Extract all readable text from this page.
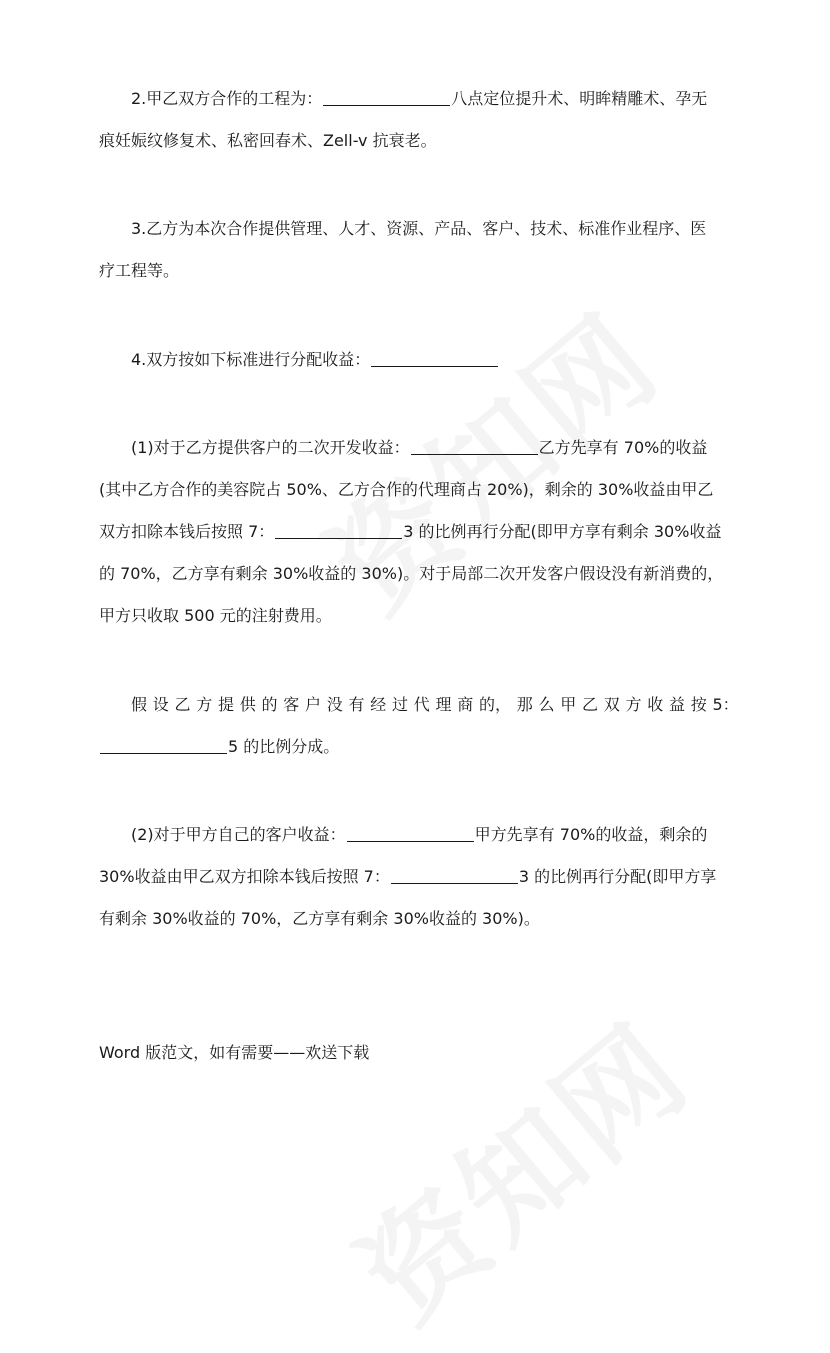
2.甲乙双方合作的工程为：	八点定位提升术、明眸精雕术、孕无
痕妊娠纹修复术、私密回春术、Zell-v 抗衰老。
3.乙方为本次合作提供管理、人才、资源、产品、客户、技术、标准作业程序、医
疗工程等。
4.双方按如下标准进行分配收益：
(1)对于乙方提供客户的二次开发收益：	乙方先享有 70%的收益
(其中乙方合作的美容院占 50%、乙方合作的代理商占 20%)，剩余的 30%收益由甲乙
双方扣除本钱后按照 7：	3 的比例再行分配(即甲方享有剩余 30%收益
的 70%，乙方享有剩余 30%收益的 30%)。对于局部二次开发客户假设没有新消费的，
甲方只收取 500 元的注射费用。
假 设 乙 方 提 供 的 客 户 没 有 经 过 代 理 商 的， 那 么 甲 乙 双 方 收 益 按 5：
5 的比例分成。
(2)对于甲方自己的客户收益：	甲方先享有 70%的收益，剩余的
30%收益由甲乙双方扣除本钱后按照 7：	3 的比例再行分配(即甲方享
有剩余 30%收益的 70%，乙方享有剩余 30%收益的 30%)。
Word 版范文，如有需要——欢送下载
